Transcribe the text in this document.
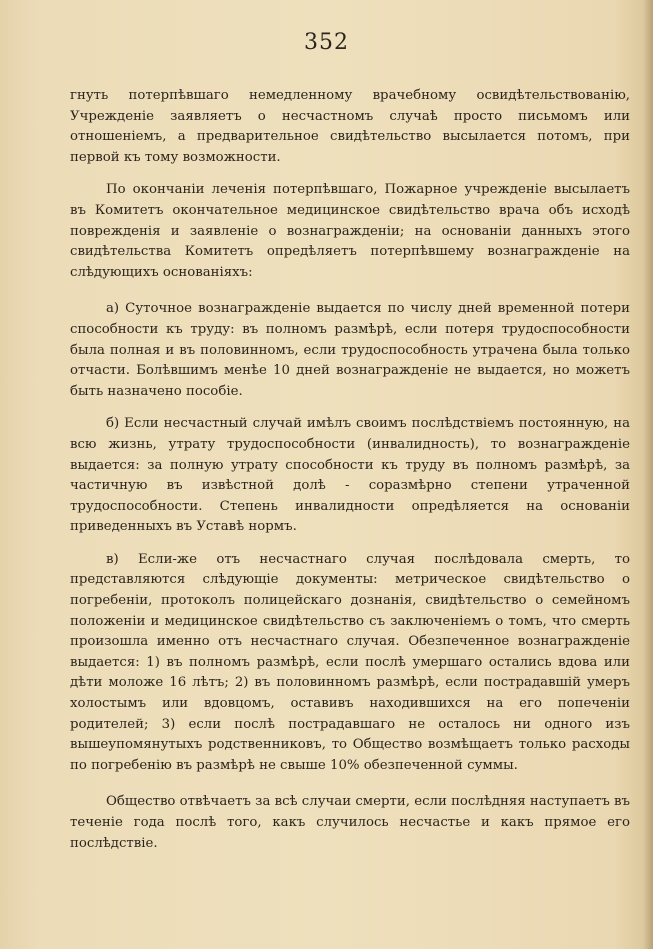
352

гнуть потерпѣвшаго немедленному врачебному освидѣтельствованію, Учрежденіе заявляетъ о несчастномъ случаѣ просто письмомъ или отношеніемъ, а предварительное свидѣтельство высылается потомъ, при первой къ тому возможности.

По окончаніи леченія потерпѣвшаго, Пожарное учрежденіе высылаетъ въ Комитетъ окончательное медицинское свидѣтельство врача объ исходѣ поврежденія и заявленіе о вознагражденіи; на основаніи данныхъ этого свидѣтельства Комитетъ опредѣляетъ потерпѣвшему вознагражденіе на слѣдующихъ основаніяхъ:

а) Суточное вознагражденіе выдается по числу дней временной потери способности къ труду: въ полномъ размѣрѣ, если потеря трудоспособности была полная и въ половинномъ, если трудоспособность утрачена была только отчасти. Болѣвшимъ менѣе 10 дней вознагражденіе не выдается, но можетъ быть назначено пособіе.

б) Если несчастный случай имѣлъ своимъ послѣдствіемъ постоянную, на всю жизнь, утрату трудоспособности (инвалидность), то вознагражденіе выдается: за полную утрату способности къ труду въ полномъ размѣрѣ, за частичную въ извѣстной долѣ - соразмѣрно степени утраченной трудоспособности. Степень инвалидности опредѣляется на основаніи приведенныхъ въ Уставѣ нормъ.

в) Если-же отъ несчастнаго случая послѣдовала смерть, то представляются слѣдующіе документы: метрическое свидѣтельство о погребеніи, протоколъ полицейскаго дознанія, свидѣтельство о семейномъ положеніи и медицинское свидѣтельство съ заключеніемъ о томъ, что смерть произошла именно отъ несчастнаго случая. Обезпеченное вознагражденіе выдается: 1) въ полномъ размѣрѣ, если послѣ умершаго остались вдова или дѣти моложе 16 лѣтъ; 2) въ половинномъ размѣрѣ, если пострадавшій умеръ холостымъ или вдовцомъ, оставивъ находившихся на его попеченіи родителей; 3) если послѣ пострадавшаго не осталось ни одного изъ вышеупомянутыхъ родственниковъ, то Общество возмѣщаетъ только расходы по погребенію въ размѣрѣ не свыше 10% обезпеченной суммы.

Общество отвѣчаетъ за всѣ случаи смерти, если послѣдняя наступаетъ въ теченіе года послѣ того, какъ случилось несчастье и какъ прямое его послѣдствіе.
